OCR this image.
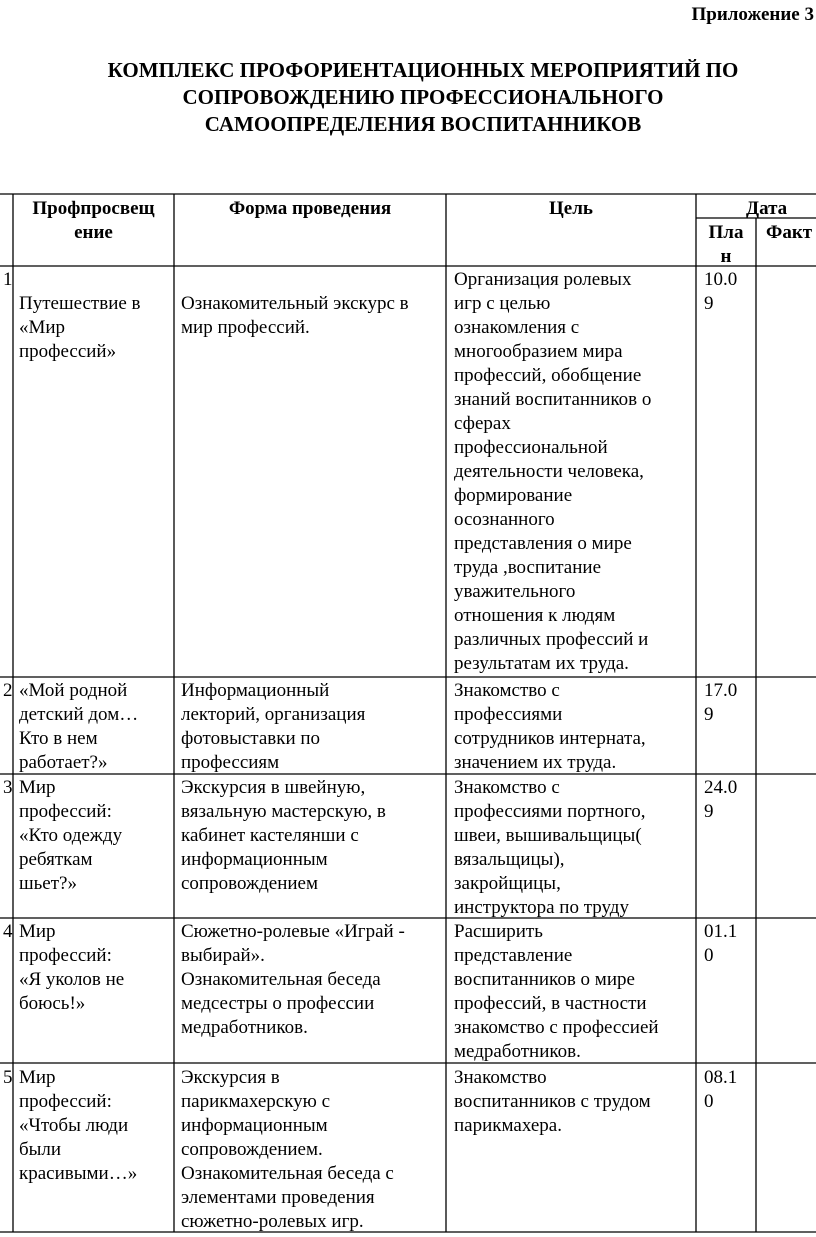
Приложение 3
КОМПЛЕКС ПРОФОРИЕНТАЦИОННЫХ МЕРОПРИЯТИЙ ПО
СОПРОВОЖДЕНИЮ ПРОФЕССИОНАЛЬНОГО
САМООПРЕДЕЛЕНИЯ ВОСПИТАННИКОВ
Профпросвещ
ение
Форма проведения	Цель	Дата
Пла
н
Факт
1

Путешествие в
«Мир
профессий»

Ознакомительный экскурс в
мир профессий.
Организация ролевых
игр с целью
ознакомления с
многообразием мира
профессий, обобщение
знаний воспитанников о
сферах
профессиональной
деятельности человека,
формирование
осознанного
представления о мире
труда ,воспитание
уважительного
отношения к людям
различных профессий и
результатам их труда.
10.0
9
2 «Мой родной
детский дом…
Кто в нем
работает?»
Информационный
лекторий, организация
фотовыставки по
профессиям
Знакомство с
профессиями
сотрудников интерната,
значением их труда.
17.0
9
3 Мир
профессий:
«Кто одежду
ребяткам
шьет?»
Экскурсия в швейную,
вязальную мастерскую, в
кабинет кастелянши с
информационным
сопровождением
Знакомство с
профессиями портного,
швеи, вышивальщицы(
вязальщицы),
закройщицы,
инструктора по труду
24.0
9
4 Мир
профессий:
«Я уколов не
боюсь!»
Сюжетно-ролевые «Играй -
выбирай».
Ознакомительная беседа
медсестры о профессии
медработников.
Расширить
представление
воспитанников о мире
профессий, в частности
знакомство с профессией
медработников.
01.1
0
5 Мир
профессий:
«Чтобы люди
были
красивыми…»
Экскурсия в
парикмахерскую с
информационным
сопровождением.
Ознакомительная беседа с
элементами проведения
сюжетно-ролевых игр.
Знакомство
воспитанников с трудом
парикмахера.
08.1
0
